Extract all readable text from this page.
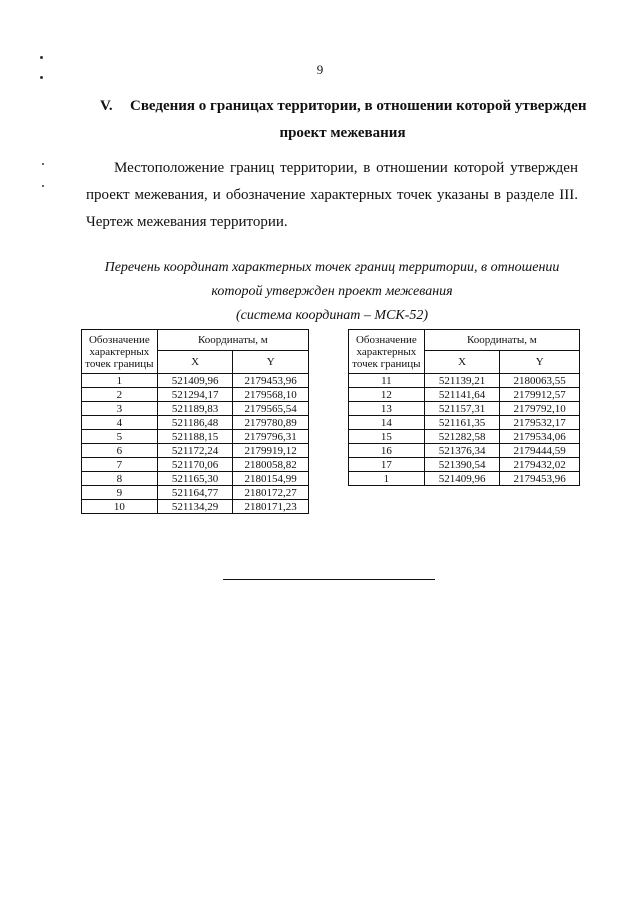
9
V. Сведения о границах территории, в отношении которой утвержден
проект межевания
Местоположение границ территории, в отношении которой утвержден проект межевания, и обозначение характерных точек указаны в разделе III. Чертеж межевания территории.
Перечень координат характерных точек границ территории, в отношении
которой утвержден проект межевания
(система координат – МСК-52)
Обозначение
характерных
точек границы	Координаты, м	
	X	Y
1	521409,96	2179453,96
2	521294,17	2179568,10
3	521189,83	2179565,54
4	521186,48	2179780,89
5	521188,15	2179796,31
6	521172,24	2179919,12
7	521170,06	2180058,82
8	521165,30	2180154,99
9	521164,77	2180172,27
10	521134,29	2180171,23
Обозначение
характерных
точек границы	Координаты, м	
	X	Y
11	521139,21	2180063,55
12	521141,64	2179912,57
13	521157,31	2179792,10
14	521161,35	2179532,17
15	521282,58	2179534,06
16	521376,34	2179444,59
17	521390,54	2179432,02
1	521409,96	2179453,96
